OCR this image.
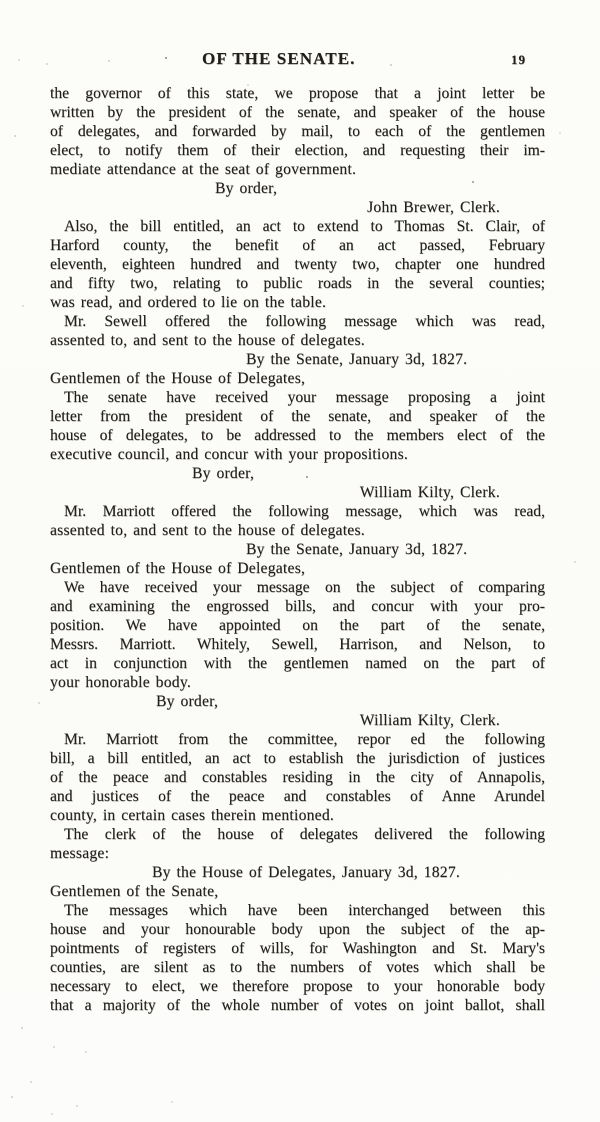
OF THE SENATE.	19
the governor of this state, we propose that a joint letter be
written by the president of the senate, and speaker of the house
of delegates, and forwarded by mail, to each of the gentlemen
elect, to notify them of their election, and requesting their im-
mediate attendance at the seat of government.
By order,
John Brewer, Clerk.
Also, the bill entitled, an act to extend to Thomas St. Clair, of
Harford county, the benefit of an act passed, February
eleventh, eighteen hundred and twenty two, chapter one hundred
and fifty two, relating to public roads in the several counties;
was read, and ordered to lie on the table.
Mr. Sewell offered the following message which was read,
assented to, and sent to the house of delegates.
By the Senate, January 3d, 1827.
Gentlemen of the House of Delegates,
The senate have received your message proposing a joint
letter from the president of the senate, and speaker of the
house of delegates, to be addressed to the members elect of the
executive council, and concur with your propositions.
By order,
William Kilty, Clerk.
Mr. Marriott offered the following message, which was read,
assented to, and sent to the house of delegates.
By the Senate, January 3d, 1827.
Gentlemen of the House of Delegates,
We have received your message on the subject of comparing
and examining the engrossed bills, and concur with your pro-
position. We have appointed on the part of the senate,
Messrs. Marriott. Whitely, Sewell, Harrison, and Nelson, to
act in conjunction with the gentlemen named on the part of
your honorable body.
By order,
William Kilty, Clerk.
Mr. Marriott from the committee, repor ed the following
bill, a bill entitled, an act to establish the jurisdiction of justices
of the peace and constables residing in the city of Annapolis,
and justices of the peace and constables of Anne Arundel
county, in certain cases therein mentioned.
The clerk of the house of delegates delivered the following
message:
By the House of Delegates, January 3d, 1827.
Gentlemen of the Senate,
The messages which have been interchanged between this
house and your honourable body upon the subject of the ap-
pointments of registers of wills, for Washington and St. Mary's
counties, are silent as to the numbers of votes which shall be
necessary to elect, we therefore propose to your honorable body
that a majority of the whole number of votes on joint ballot, shall
